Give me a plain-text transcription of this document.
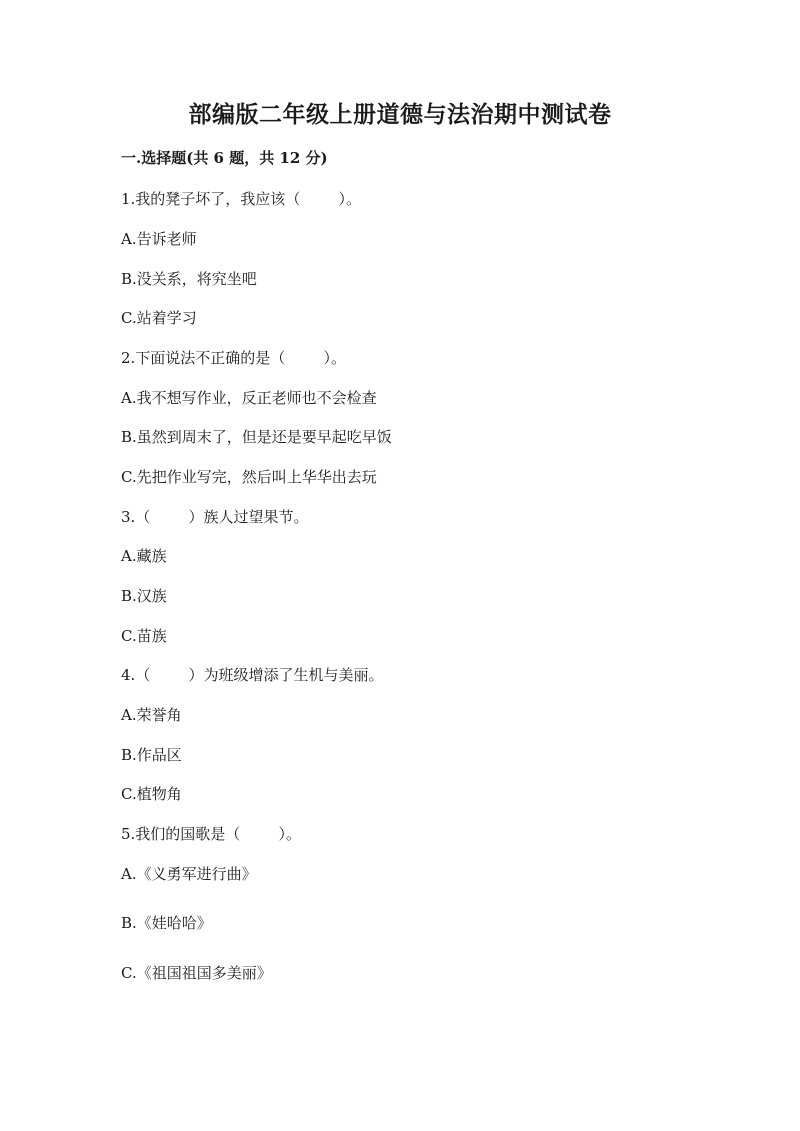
部编版二年级上册道德与法治期中测试卷
一.选择题(共 6 题，共 12 分)
1.我的凳子坏了，我应该（        ）。
A.告诉老师
B.没关系，将究坐吧
C.站着学习
2.下面说法不正确的是（        ）。
A.我不想写作业，反正老师也不会检查
B.虽然到周末了，但是还是要早起吃早饭
C.先把作业写完，然后叫上华华出去玩
3.（        ）族人过望果节。
A.藏族
B.汉族
C.苗族
4.（        ）为班级增添了生机与美丽。
A.荣誉角
B.作品区
C.植物角
5.我们的国歌是（        ）。
A.《义勇军进行曲》
B.《娃哈哈》
C.《祖国祖国多美丽》
